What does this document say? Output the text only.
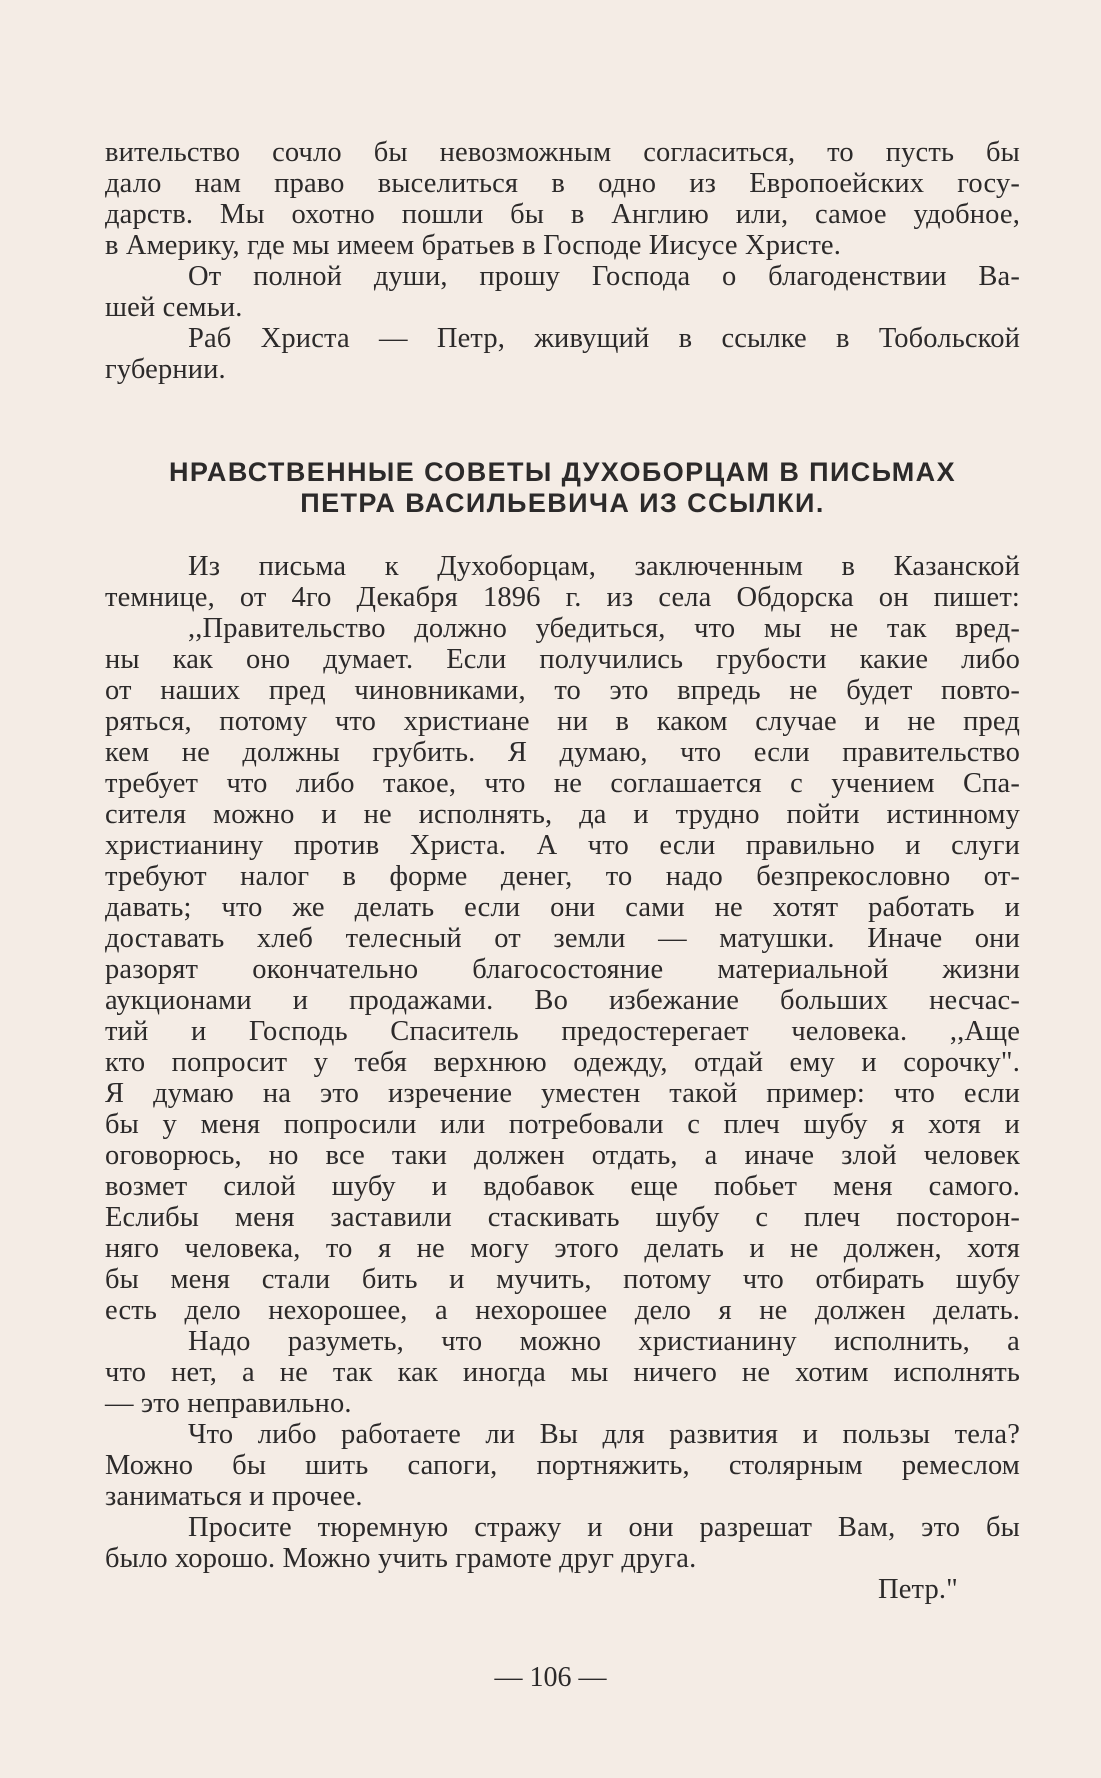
вительство сочло бы невозможным согласиться, то пусть бы
дало нам право выселиться в одно из Европоейских госу-
дарств. Мы охотно пошли бы в Англию или, самое удобное,
в Америку, где мы имеем братьев в Господе Иисусе Христе.
От полной души, прошу Господа о благоденствии Ва-
шей семьи.
Раб Христа — Петр, живущий в ссылке в Тобольской
губернии.
НРАВСТВЕННЫЕ СОВЕТЫ ДУХОБОРЦАМ В ПИСЬМАХ
ПЕТРА ВАСИЛЬЕВИЧА ИЗ ССЫЛКИ.
Из письма к Духоборцам, заключенным в Казанской
темнице, от 4го Декабря 1896 г. из села Обдорска он пишет:
,,Правительство должно убедиться, что мы не так вред-
ны как оно думает. Если получились грубости какие либо
от наших пред чиновниками, то это впредь не будет повто-
ряться, потому что христиане ни в каком случае и не пред
кем не должны грубить. Я думаю, что если правительство
требует что либо такое, что не соглашается с учением Спа-
сителя можно и не исполнять, да и трудно пойти истинному
христианину против Христа. А что если правильно и слуги
требуют налог в форме денег, то надо безпрекословно от-
давать; что же делать если они сами не хотят работать и
доставать хлеб телесный от земли — матушки. Иначе они
разорят окончательно благосостояние материальной жизни
аукционами и продажами. Во избежание больших несчас-
тий и Господь Спаситель предостерегает человека. ,,Аще
кто попросит у тебя верхнюю одежду, отдай ему и сорочку".
Я думаю на это изречение уместен такой пример: что если
бы у меня попросили или потребовали с плеч шубу я хотя и
оговорюсь, но все таки должен отдать, а иначе злой человек
возмет силой шубу и вдобавок еще побьет меня самого.
Еслибы меня заставили стаскивать шубу с плеч посторон-
няго человека, то я не могу этого делать и не должен, хотя
бы меня стали бить и мучить, потому что отбирать шубу
есть дело нехорошее, а нехорошее дело я не должен делать.
Надо разуметь, что можно христианину исполнить, а
что нет, а не так как иногда мы ничего не хотим исполнять
— это неправильно.
Что либо работаете ли Вы для развития и пользы тела?
Можно бы шить сапоги, портняжить, столярным ремеслом
заниматься и прочее.
Просите тюремную стражу и они разрешат Вам, это бы
было хорошо. Можно учить грамоте друг друга.
Петр."
— 106 —
